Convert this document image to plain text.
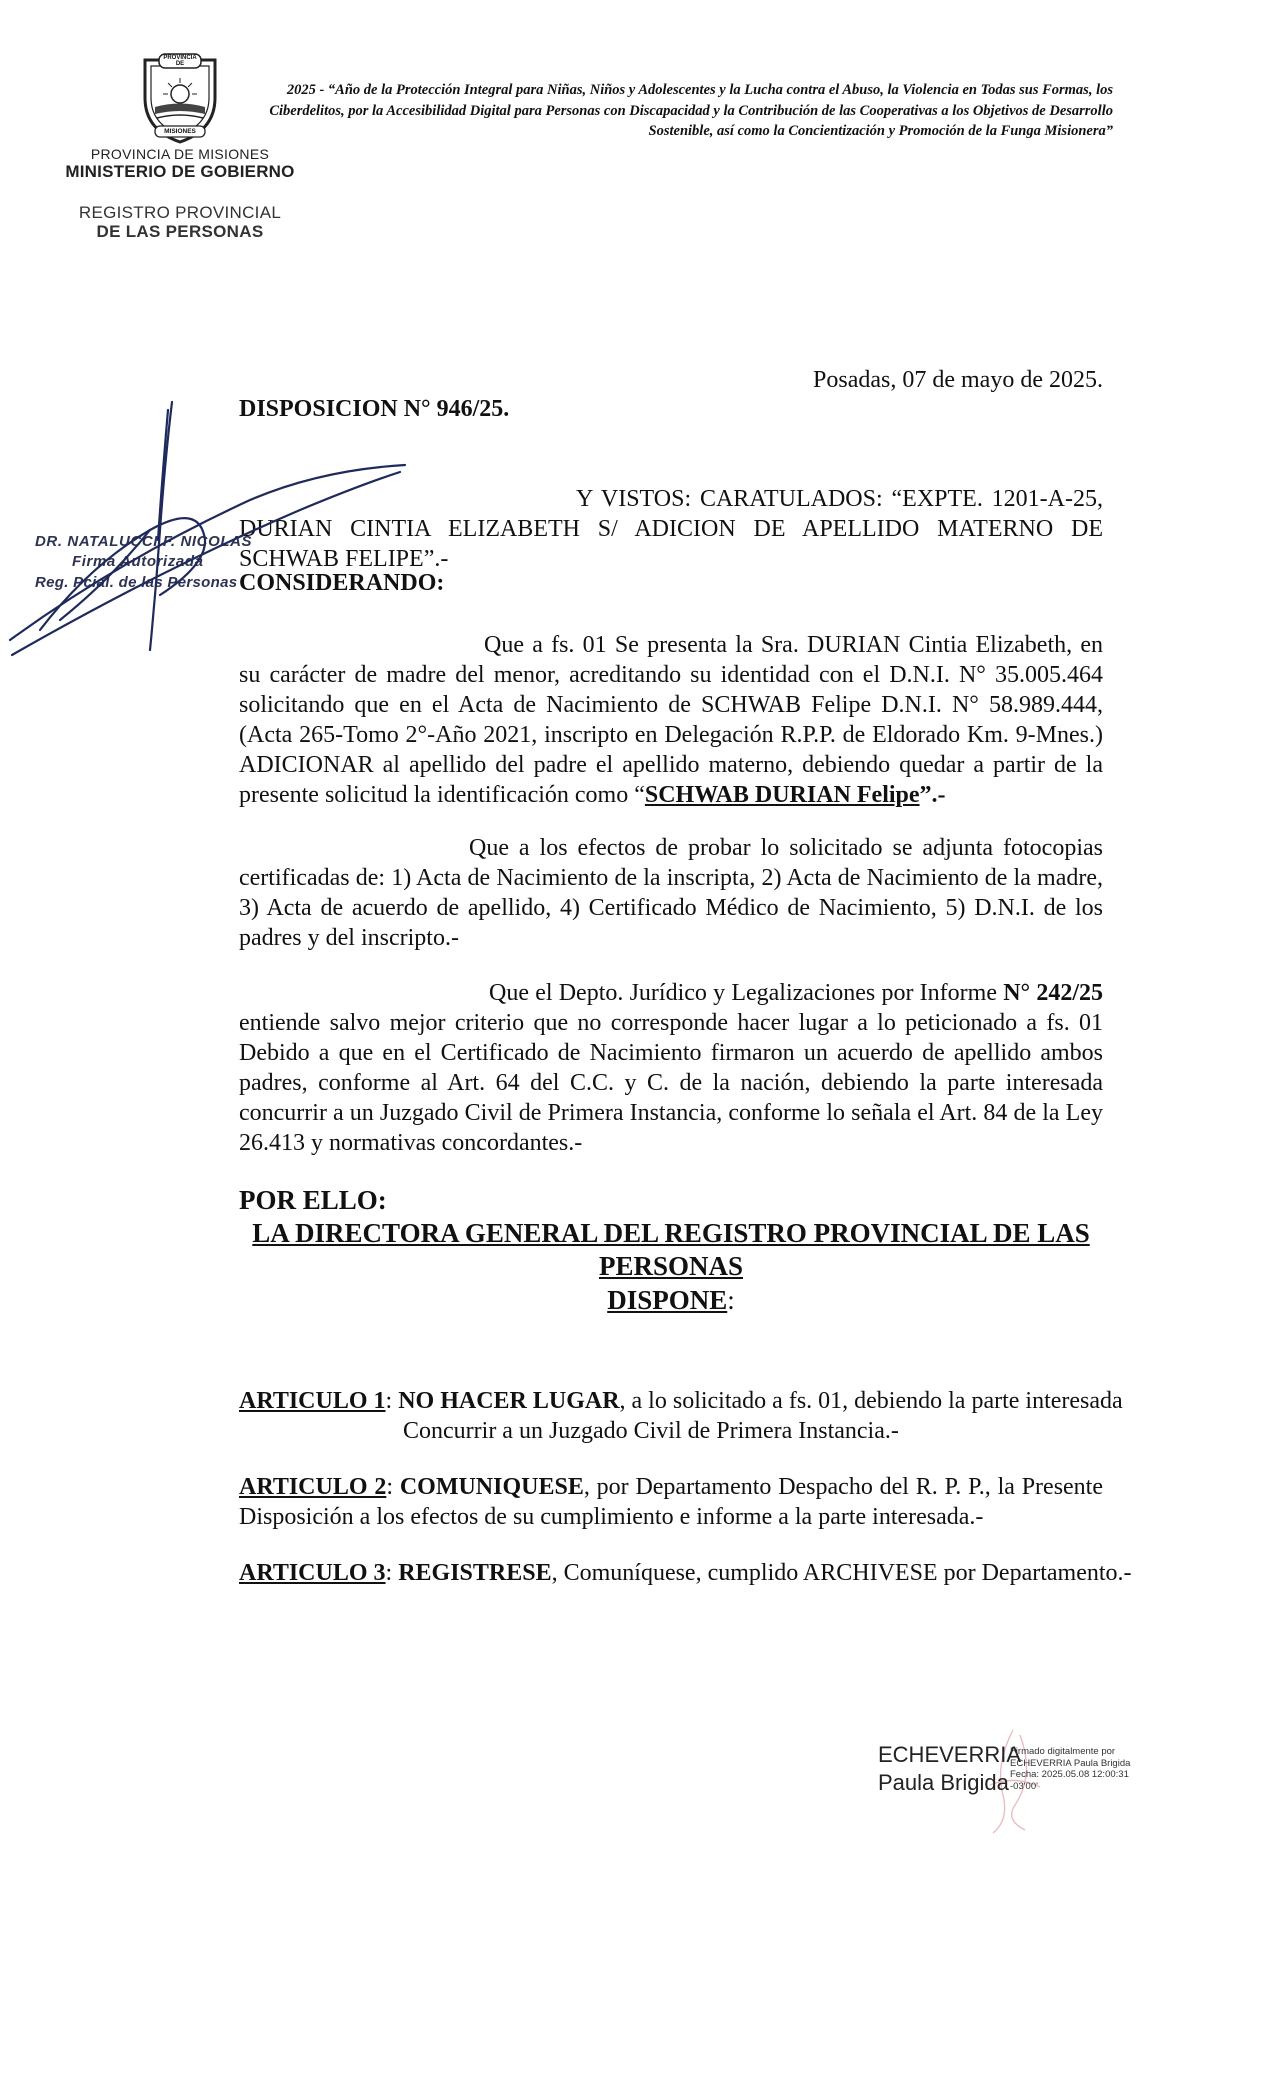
PROVINCIA DE
MISIONES
PROVINCIA DE MISIONES
MINISTERIO DE GOBIERNO
REGISTRO PROVINCIAL
DE LAS PERSONAS
2025 - “Año de la Protección Integral para Niñas, Niños y Adolescentes y la Lucha contra el Abuso, la Violencia en Todas sus Formas, los Ciberdelitos, por la Accesibilidad Digital para Personas con Discapacidad y la Contribución de las Cooperativas a los Objetivos de Desarrollo Sostenible, así como la Concientización y Promoción de la Funga Misionera”
Posadas, 07 de mayo de 2025.
DISPOSICION N° 946/25.
Y VISTOS: CARATULADOS: “EXPTE. 1201-A-25, DURIAN CINTIA ELIZABETH S/ ADICION DE APELLIDO MATERNO DE SCHWAB FELIPE”.-
CONSIDERANDO:
Que a fs. 01 Se presenta la Sra. DURIAN Cintia Elizabeth, en su carácter de madre del menor, acreditando su identidad con el D.N.I. N° 35.005.464 solicitando que en el Acta de Nacimiento de SCHWAB Felipe D.N.I. N° 58.989.444, (Acta 265-Tomo 2°-Año 2021, inscripto en Delegación R.P.P. de Eldorado Km. 9-Mnes.) ADICIONAR al apellido del padre el apellido materno, debiendo quedar a partir de la presente solicitud la identificación como “SCHWAB DURIAN Felipe”.-
Que a los efectos de probar lo solicitado se adjunta fotocopias certificadas de: 1) Acta de Nacimiento de la inscripta, 2) Acta de Nacimiento de la madre, 3) Acta de acuerdo de apellido, 4) Certificado Médico de Nacimiento, 5) D.N.I. de los padres y del inscripto.-
Que el Depto. Jurídico y Legalizaciones por Informe N° 242/25 entiende salvo mejor criterio que no corresponde hacer lugar a lo peticionado a fs. 01 Debido a que en el Certificado de Nacimiento firmaron un acuerdo de apellido ambos padres, conforme al Art. 64 del C.C. y C. de la nación, debiendo la parte interesada concurrir a un Juzgado Civil de Primera Instancia, conforme lo señala el Art. 84 de la Ley 26.413 y normativas concordantes.-
POR ELLO:
LA DIRECTORA GENERAL DEL REGISTRO PROVINCIAL DE LAS PERSONAS
DISPONE:
ARTICULO 1: NO HACER LUGAR, a lo solicitado a fs. 01, debiendo la parte interesada
Concurrir a un Juzgado Civil de Primera Instancia.-
ARTICULO 2: COMUNIQUESE, por Departamento Despacho del R. P. P., la Presente Disposición a los efectos de su cumplimiento e informe a la parte interesada.-
ARTICULO 3: REGISTRESE, Comuníquese, cumplido ARCHIVESE por Departamento.-
DR. NATALUCCI F. NICOLAS
Firma Autorizada
Reg. Pcial. de las Personas
ECHEVERRIA
Paula Brigida
Firmado digitalmente por
ECHEVERRIA Paula Brigida
Fecha: 2025.05.08 12:00:31
-03'00'
